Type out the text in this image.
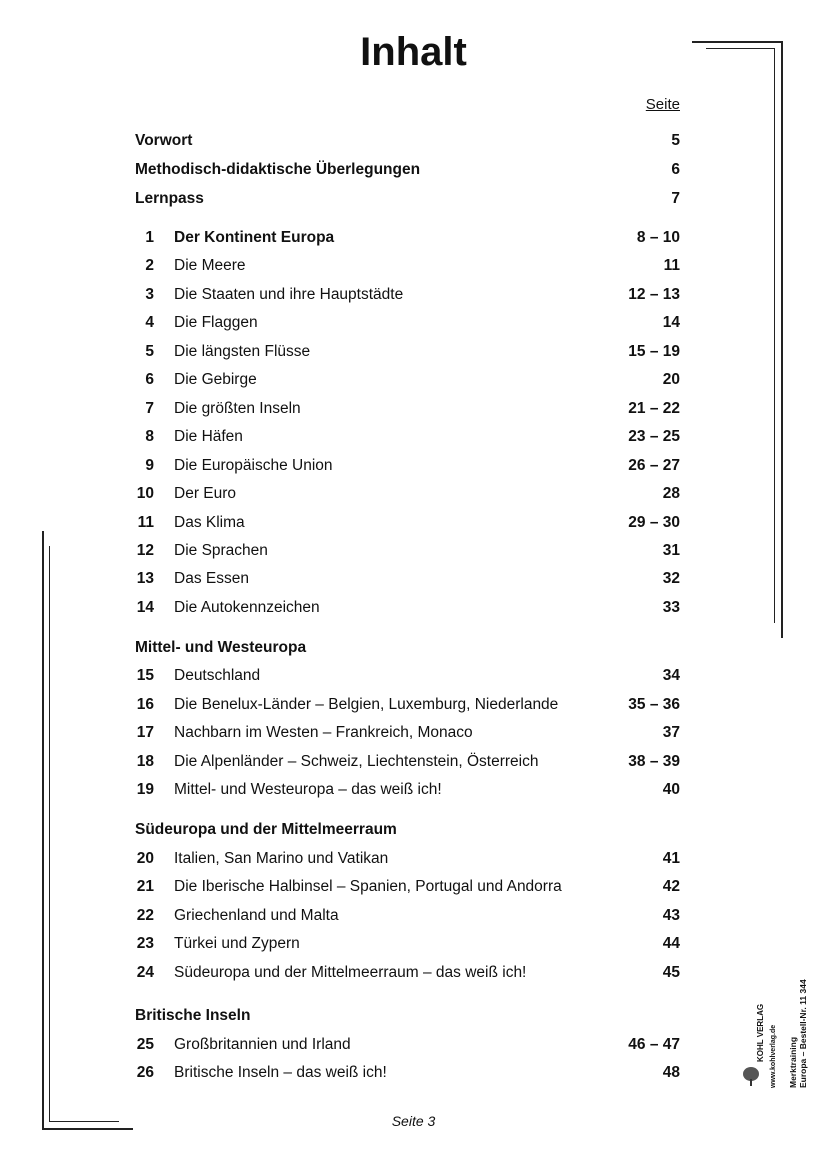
Inhalt
Seite
Vorwort	5
Methodisch-didaktische Überlegungen	6
Lernpass	7
1 Der Kontinent Europa	8 – 10
2 Die Meere	11
3 Die Staaten und ihre Hauptstädte	12 – 13
4 Die Flaggen	14
5 Die längsten Flüsse	15 – 19
6 Die Gebirge	20
7 Die größten Inseln	21 – 22
8 Die Häfen	23 – 25
9 Die Europäische Union	26 – 27
10 Der Euro	28
11 Das Klima	29 – 30
12 Die Sprachen	31
13 Das Essen	32
14 Die Autokennzeichen	33
Mittel- und Westeuropa
15 Deutschland	34
16 Die Benelux-Länder – Belgien, Luxemburg, Niederlande	35 – 36
17 Nachbarn im Westen – Frankreich, Monaco	37
18 Die Alpenländer – Schweiz, Liechtenstein, Österreich	38 – 39
19 Mittel- und Westeuropa – das weiß ich!	40
Südeuropa und der Mittelmeerraum
20 Italien, San Marino und Vatikan	41
21 Die Iberische Halbinsel – Spanien, Portugal und Andorra	42
22 Griechenland und Malta	43
23 Türkei und Zypern	44
24 Südeuropa und der Mittelmeerraum – das weiß ich!	45
Britische Inseln
25 Großbritannien und Irland	46 – 47
26 Britische Inseln – das weiß ich!	48	Merktraining Europa – Bestell-Nr. 11 344
www.kohlverlag.de
KOHL VERLAG
Seite 3
